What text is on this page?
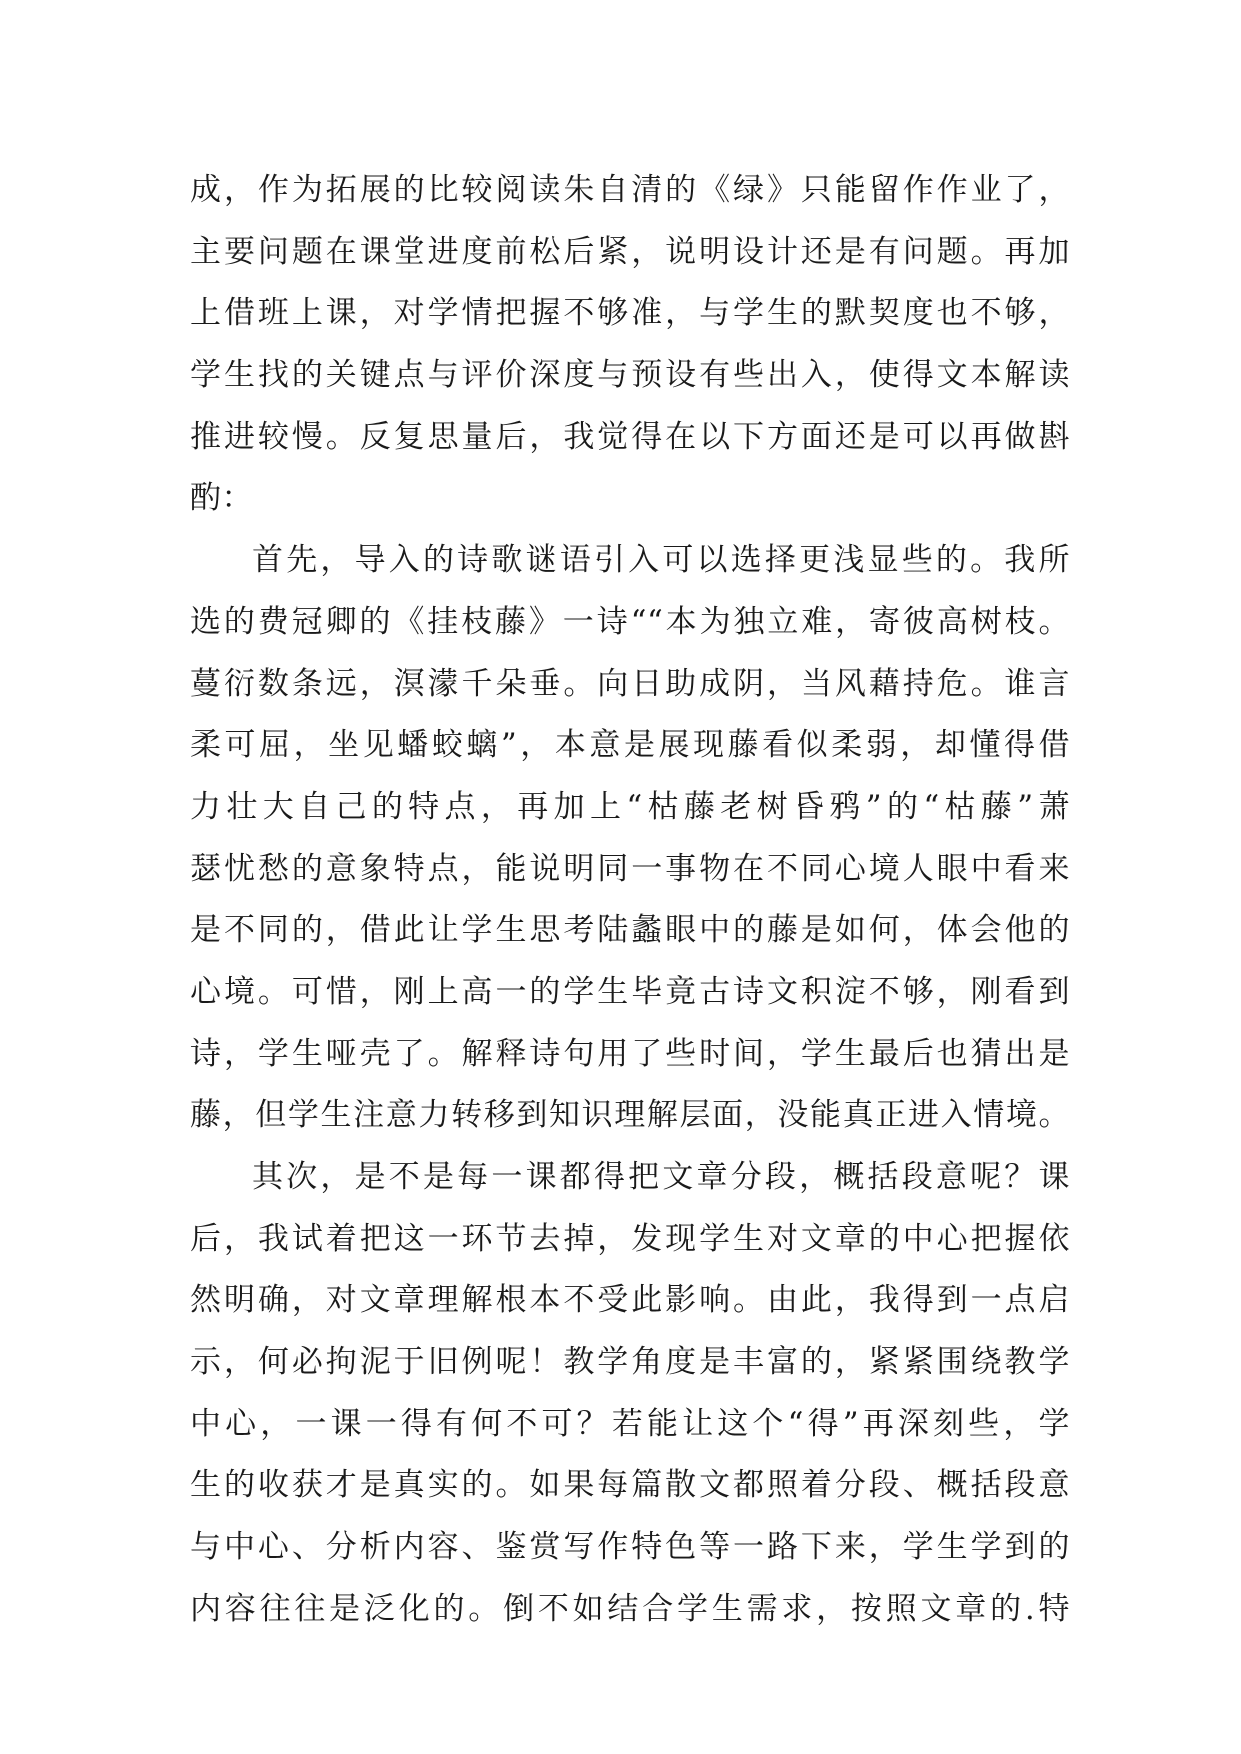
成，作为拓展的比较阅读朱自清的《绿》只能留作作业了，
主要问题在课堂进度前松后紧，说明设计还是有问题。再加
上借班上课，对学情把握不够准，与学生的默契度也不够，
学生找的关键点与评价深度与预设有些出入，使得文本解读
推进较慢。反复思量后，我觉得在以下方面还是可以再做斟
酌：
首先，导入的诗歌谜语引入可以选择更浅显些的。我所
选的费冠卿的《挂枝藤》一诗““本为独立难，寄彼高树枝。
蔓衍数条远，溟濛千朵垂。向日助成阴，当风藉持危。谁言
柔可屈，坐见蟠蛟螭”，本意是展现藤看似柔弱，却懂得借
力壮大自己的特点，再加上“枯藤老树昏鸦”的“枯藤”萧
瑟忧愁的意象特点，能说明同一事物在不同心境人眼中看来
是不同的，借此让学生思考陆蠡眼中的藤是如何，体会他的
心境。可惜，刚上高一的学生毕竟古诗文积淀不够，刚看到
诗，学生哑壳了。解释诗句用了些时间，学生最后也猜出是
藤，但学生注意力转移到知识理解层面，没能真正进入情境。
其次，是不是每一课都得把文章分段，概括段意呢？课
后，我试着把这一环节去掉，发现学生对文章的中心把握依
然明确，对文章理解根本不受此影响。由此，我得到一点启
示，何必拘泥于旧例呢！教学角度是丰富的，紧紧围绕教学
中心，一课一得有何不可？若能让这个“得”再深刻些，学
生的收获才是真实的。如果每篇散文都照着分段、概括段意
与中心、分析内容、鉴赏写作特色等一路下来，学生学到的
内容往往是泛化的。倒不如结合学生需求，按照文章的.特
